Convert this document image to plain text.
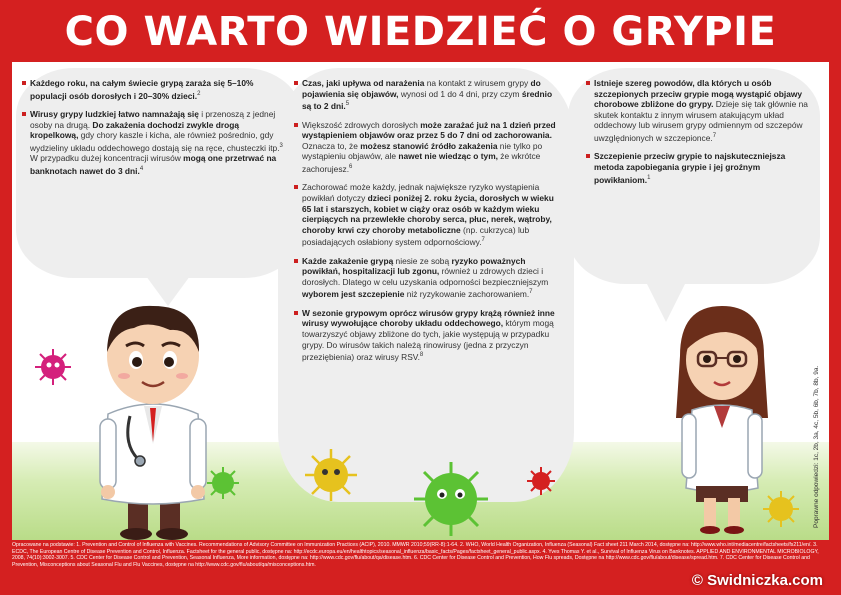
CO WARTO WIEDZIEĆ O GRYPIE

Każdego roku, na całym świecie grypą zaraża się 5–10% populacji osób dorosłych i 20–30% dzieci.$^2$

Wirusy grypy ludzkiej łatwo namnażają się i przenoszą z jednej osoby na drugą. Do zakażenia dochodzi zwykle drogą kropelkową, gdy chory kaszle i kicha, ale również pośrednio, gdy wydzieliny układu oddechowego dostają się na ręce, chusteczki itp.$^3$ W przypadku dużej koncentracji wirusów mogą one przetrwać na banknotach nawet do 3 dni.$^4$

Czas, jaki upływa od narażenia na kontakt z wirusem grypy do pojawienia się objawów, wynosi od 1 do 4 dni, przy czym średnio są to 2 dni.$^5$

Większość zdrowych dorosłych może zarażać już na 1 dzień przed wystąpieniem objawów oraz przez 5 do 7 dni od zachorowania. Oznacza to, że możesz stanowić źródło zakażenia nie tylko po wystąpieniu objawów, ale nawet nie wiedząc o tym, że wkrótce zachorujesz.$^6$

Zachorować może każdy, jednak największe ryzyko wystąpienia powikłań dotyczy dzieci poniżej 2. roku życia, dorosłych w wieku 65 lat i starszych, kobiet w ciąży oraz osób w każdym wieku cierpiących na przewlekłe choroby serca, płuc, nerek, wątroby, choroby krwi czy choroby metaboliczne (np. cukrzyca) lub posiadających osłabiony system odpornościowy.$^7$

Każde zakażenie grypą niesie ze sobą ryzyko poważnych powikłań, hospitalizacji lub zgonu, również u zdrowych dzieci i dorosłych. Dlatego w celu uzyskania odporności bezpieczniejszym wyborem jest szczepienie niż ryzykowanie zachorowaniem.$^7$

W sezonie grypowym oprócz wirusów grypy krążą również inne wirusy wywołujące choroby układu oddechowego, którym mogą towarzyszyć objawy zbliżone do tych, jakie występują w przypadku grypy. Do wirusów takich należą rinowirusy (jedna z przyczyn przeziębienia) oraz wirusy RSV.$^8$

Istnieje szereg powodów, dla których u osób szczepionych przeciw grypie mogą wystąpić objawy chorobowe zbliżone do grypy. Dzieje się tak głównie na skutek kontaktu z innym wirusem atakującym układ oddechowy lub wirusem grypy odmiennym od szczepów uwzględnionych w szczepionce.$^7$

Szczepienie przeciw grypie to najskuteczniejsza metoda zapobiegania grypie i jej groźnym powikłaniom.$^1$

Poprawne odpowiedzi: 1c, 2b, 3a, 4c, 5b, 6b, 7b, 8b, 9a.
Opracowane na podstawie: 1. Prevention and Control of Influenza with Vaccines. Recommendations of Advisory Committee on Immunization Practices (ACIP), 2010. MMWR 2010;59(RR-8):1-64. 2. WHO, World Health Organization, Influenza (Seasonal) Fact sheet 211 March 2014, dostępne na: http://www.who.int/mediacentre/factsheets/fs211/en/. 3. ECDC, The European Centre of Disease Prevention and Control, Influenza. Factsheet for the general public, dostępne na: http://ecdc.europa.eu/en/healthtopics/seasonal_influenza/basic_facts/Pages/factsheet_general_public.aspx. 4. Yves Thomas Y. et al., Survival of Influenza Virus on Banknotes. APPLIED AND ENVIRONMENTAL MICROBIOLOGY, 2008, 74(10):3002-3007. 5. CDC Center for Disease Control and Prevention, Seasonal Influenza, More information, dostępne na: http://www.cdc.gov/flu/about/qa/disease.htm. 6. CDC Center for Disease Control and Prevention, How Flu spreads, Dostępne na http://www.cdc.gov/flu/about/disease/spread.htm. 7. CDC Center for Disease Control and Prevention, Misconceptions about Seasonal Flu and Flu Vaccines, dostępne na http://www.cdc.gov/flu/about/qa/misconceptions.htm.
© Swidniczka.com
